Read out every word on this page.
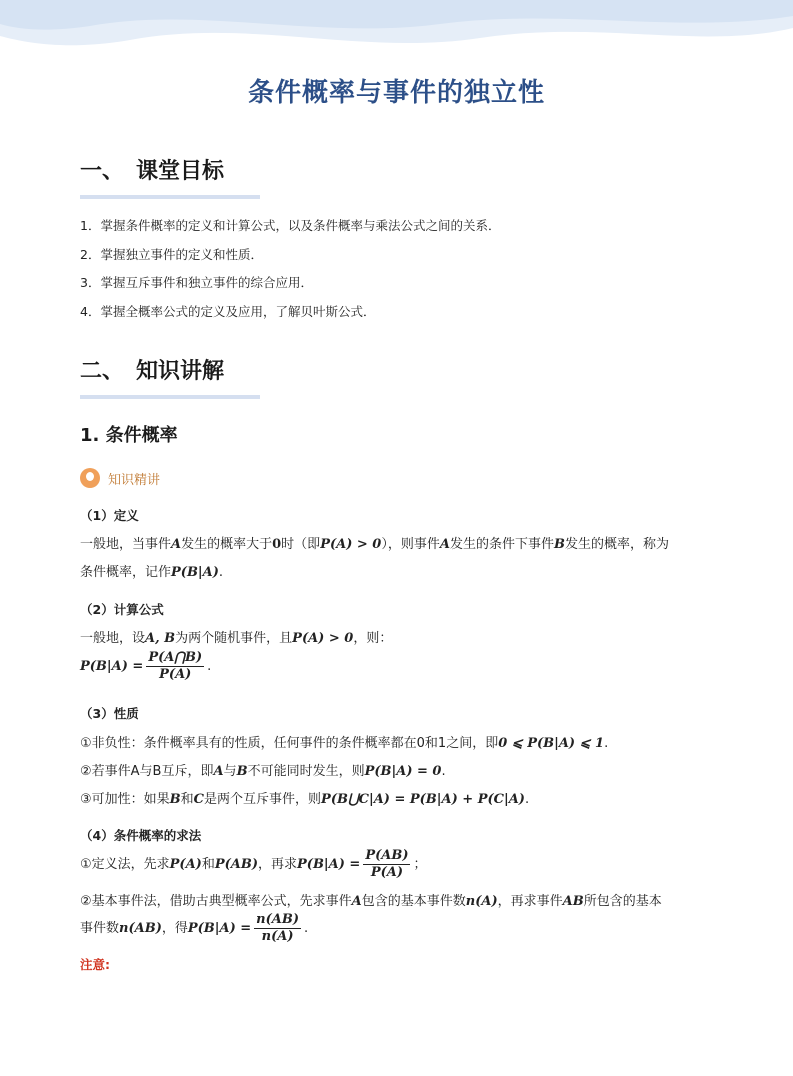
条件概率与事件的独立性
一、 课堂目标
1．掌握条件概率的定义和计算公式，以及条件概率与乘法公式之间的关系．
2．掌握独立事件的定义和性质．
3．掌握互斥事件和独立事件的综合应用．
4．掌握全概率公式的定义及应用，了解贝叶斯公式．
二、 知识讲解
1. 条件概率
知识精讲
（1）定义
一般地，当事件A发生的概率大于0时（即P(A) > 0），则事件A发生的条件下事件B发生的概率，称为
条件概率，记作P(B|A).
（2）计算公式
一般地，设A, B为两个随机事件，且P(A) > 0，则：
$P(B|A) = \frac{P(A⋂B)}{P(A)}$ .
（3）性质
①非负性：条件概率具有的性质，任何事件的条件概率都在0和1之间，即0 ⩽ P(B|A) ⩽ 1.
②若事件A与B互斥，即A与B不可能同时发生，则P(B|A) = 0.
③可加性：如果B和C是两个互斥事件，则P(B⋃C|A) = P(B|A) + P(C|A).
（4）条件概率的求法
①定义法，先求P(A)和P(AB)，再求$P(B|A) = \frac{P(AB)}{P(A)}$ ；
②基本事件法，借助古典型概率公式，先求事件A包含的基本事件数n(A)，再求事件AB所包含的基本
事件数n(AB)，得$P(B|A) = \frac{n(AB)}{n(A)}$ .
注意:
